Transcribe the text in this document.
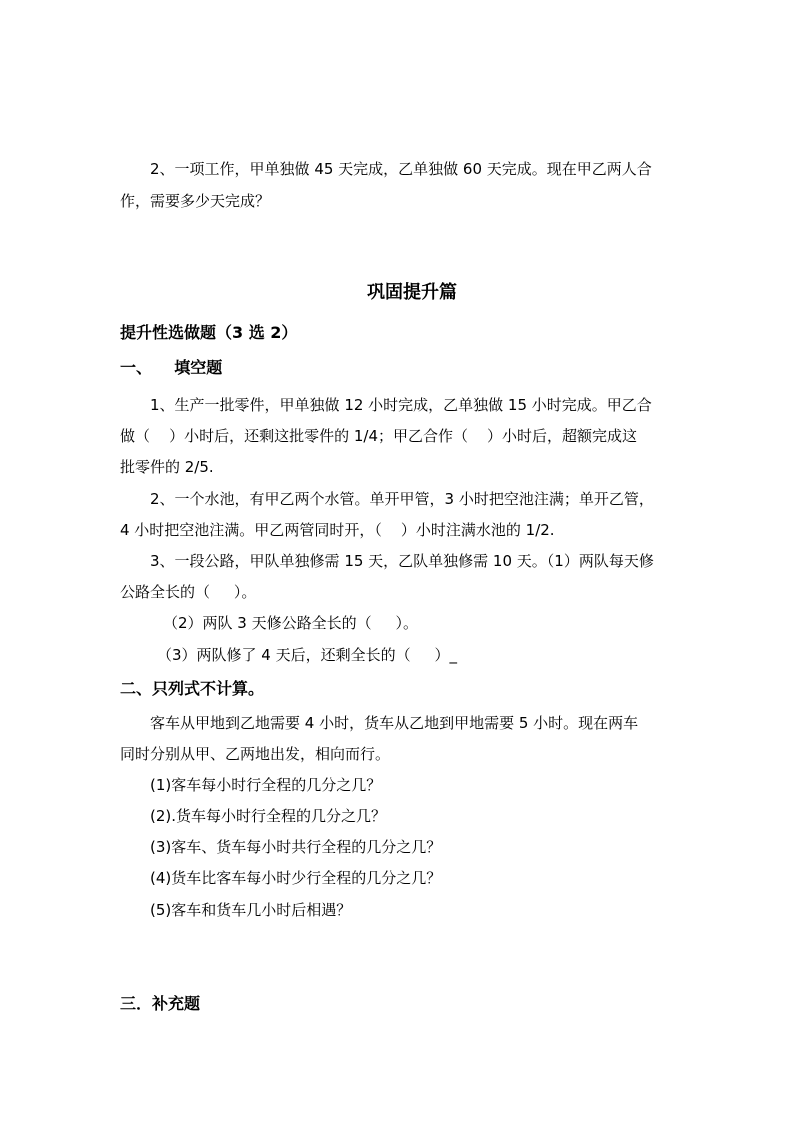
2、一项工作，甲单独做 45 天完成，乙单独做 60 天完成。现在甲乙两人合
作，需要多少天完成？
巩固提升篇
提升性选做题（3 选 2）
一、    填空题
1、生产一批零件，甲单独做 12 小时完成，乙单独做 15 小时完成。甲乙合
做（    ）小时后，还剩这批零件的 1/4；甲乙合作（    ）小时后，超额完成这
批零件的 2/5.
2、一个水池，有甲乙两个水管。单开甲管，3 小时把空池注满；单开乙管，
4 小时把空池注满。甲乙两管同时开，（    ）小时注满水池的 1/2.
3、一段公路，甲队单独修需 15 天，乙队单独修需 10 天。（1）两队每天修
公路全长的（     ）。
（2）两队 3 天修公路全长的（     ）。
（3）两队修了 4 天后，还剩全长的（     ）_
二、只列式不计算。
客车从甲地到乙地需要 4 小时，货车从乙地到甲地需要 5 小时。现在两车
同时分别从甲、乙两地出发，相向而行。
(1)客车每小时行全程的几分之几？
(2).货车每小时行全程的几分之几？
(3)客车、货车每小时共行全程的几分之几？
(4)货车比客车每小时少行全程的几分之几？
(5)客车和货车几小时后相遇？
三．补充题
